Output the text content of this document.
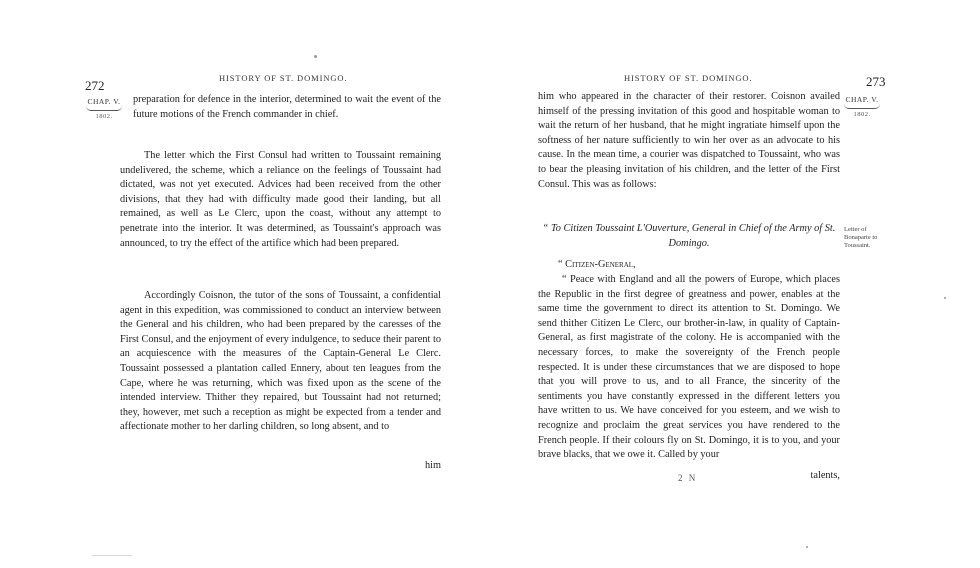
272	HISTORY OF ST. DOMINGO.
CHAP. V.
1802.

preparation for defence in the interior, determined to wait the event of the future motions of the French commander in chief.

The letter which the First Consul had written to Toussaint remaining undelivered, the scheme, which a reliance on the feelings of Toussaint had dictated, was not yet executed. Advices had been received from the other divisions, that they had with difficulty made good their landing, but all remained, as well as Le Clerc, upon the coast, without any attempt to penetrate into the interior. It was determined, as Toussaint's approach was announced, to try the effect of the artifice which had been prepared.

Accordingly Coisnon, the tutor of the sons of Toussaint, a confidential agent in this expedition, was commissioned to conduct an interview between the General and his children, who had been prepared by the caresses of the First Consul, and the enjoyment of every indulgence, to seduce their parent to an acquiescence with the measures of the Captain-General Le Clerc. Toussaint possessed a plantation called Ennery, about ten leagues from the Cape, where he was returning, which was fixed upon as the scene of the intended interview. Thither they repaired, but Toussaint had not returned; they, however, met such a reception as might be expected from a tender and affectionate mother to her darling children, so long absent, and to

him
HISTORY OF ST. DOMINGO.	273
CHAP. V.
1802.

him who appeared in the character of their restorer. Coisnon availed himself of the pressing invitation of this good and hospitable woman to wait the return of her husband, that he might ingratiate himself upon the softness of her nature sufficiently to win her over as an advocate to his cause. In the mean time, a courier was dispatched to Toussaint, who was to bear the pleasing invitation of his children, and the letter of the First Consul. This was as follows:

“ To Citizen Toussaint L'Ouverture, General in Chief of the Army of St. Domingo.

Letter of Bonaparte to Toussaint.

“ Citizen-General,

“ Peace with England and all the powers of Europe, which places the Republic in the first degree of greatness and power, enables at the same time the government to direct its attention to St. Domingo. We send thither Citizen Le Clerc, our brother-in-law, in quality of Captain-General, as first magistrate of the colony. He is accompanied with the necessary forces, to make the sovereignty of the French people respected. It is under these circumstances that we are disposed to hope that you will prove to us, and to all France, the sincerity of the sentiments you have constantly expressed in the different letters you have written to us. We have conceived for you esteem, and we wish to recognize and proclaim the great services you have rendered to the French people. If their colours fly on St. Domingo, it is to you, and your brave blacks, that we owe it. Called by your

2 N	talents,
